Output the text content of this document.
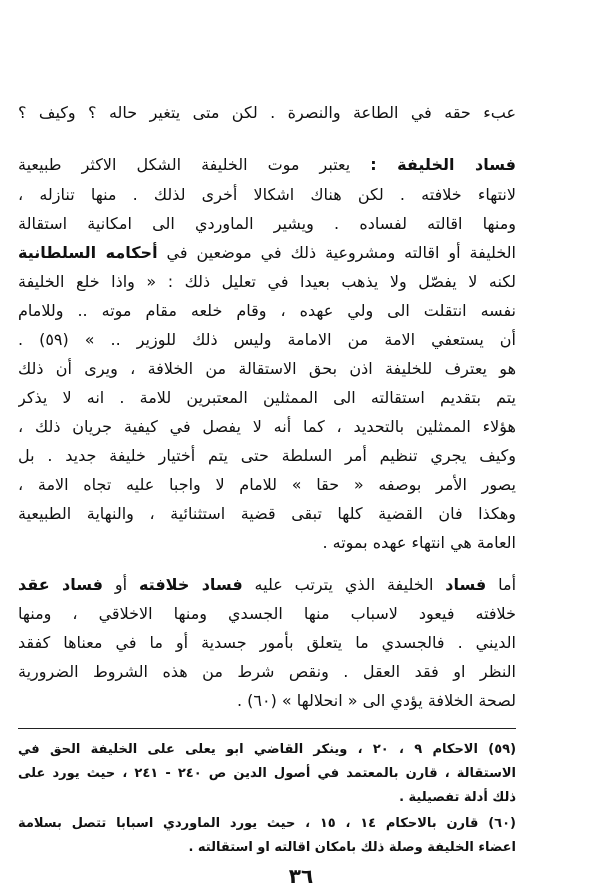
عبء حقه في الطاعة والنصرة . لكن متى يتغير حاله ؟ وكيف ؟
فساد الخليفة : يعتبر موت الخليفة الشكل الاكثر طبيعية
لانتهاء خلافته . لكن هناك اشكالا أخرى لذلك . منها تنازله ،
ومنها اقالته لفساده . ويشير الماوردي الى امكانية استقالة
الخليفة أو اقالته ومشروعية ذلك في موضعين في أحكامه السلطانية
لكنه لا يفصّل ولا يذهب بعيدا في تعليل ذلك : « واذا خلع الخليفة
نفسه انتقلت الى ولي عهده ، وقام خلعه مقام موته .. وللامام
أن يستعفي الامة من الامامة وليس ذلك للوزير .. » (٥٩) .
هو يعترف للخليفة اذن بحق الاستقالة من الخلافة ، ويرى أن ذلك
يتم بتقديم استقالته الى الممثلين المعتبرين للامة . انه لا يذكر
هؤلاء الممثلين بالتحديد ، كما أنه لا يفصل في كيفية جريان ذلك ،
وكيف يجري تنظيم أمر السلطة حتى يتم أختيار خليفة جديد . بل
يصور الأمر بوصفه « حقا » للامام لا واجبا عليه تجاه الامة ،
وهكذا فان القضية كلها تبقى قضية استثنائية ، والنهاية الطبيعية
العامة هي انتهاء عهده بموته .
أما فساد الخليفة الذي يترتب عليه فساد خلافته أو فساد عقد
خلافته فيعود لاسباب منها الجسدي ومنها الاخلاقي ، ومنها
الديني . فالجسدي ما يتعلق بأمور جسدية أو ما في معناها كفقد
النظر او فقد العقل . ونقص شرط من هذه الشروط الضرورية
لصحة الخلافة يؤدي الى « انحلالها » (٦٠) .
(٥٩) الاحكام ٩ ، ٢٠ ، وينكر القاضي ابو يعلى على الخليفة الحق في
الاستقالة ، قارن بالمعتمد في أصول الدين ص ٢٤٠ - ٢٤١ ، حيث يورد على
ذلك أدلة تفصيلية .
(٦٠) قارن بالاحكام ١٤ ، ١٥ ، حيث يورد الماوردي اسبابا تتصل بسلامة
اعضاء الخليفة وصلة ذلك بامكان اقالته او استقالته .
٣٦
